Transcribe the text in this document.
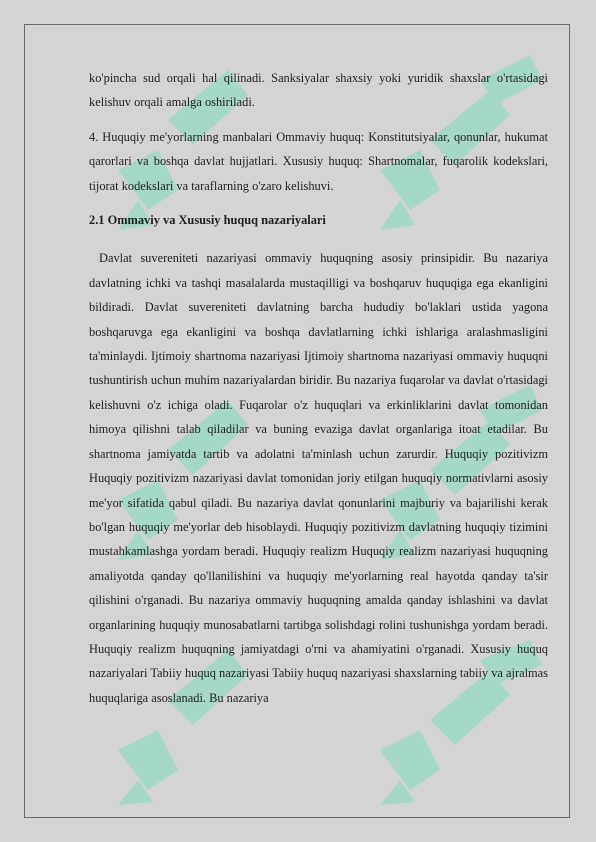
ko'pincha sud orqali hal qilinadi. Sanksiyalar shaxsiy yoki yuridik shaxslar o'rtasidagi kelishuv orqali amalga oshiriladi.

4. Huquqiy me'yorlarning manbalari Ommaviy huquq: Konstitutsiyalar, qonunlar, hukumat qarorlari va boshqa davlat hujjatlari. Xususiy huquq: Shartnomalar, fuqarolik kodekslari, tijorat kodekslari va taraflarning o'zaro kelishuvi.

2.1 Ommaviy va Xususiy huquq nazariyalari

Davlat suvereniteti nazariyasi ommaviy huquqning asosiy prinsipidir. Bu nazariya davlatning ichki va tashqi masalalarda mustaqilligi va boshqaruv huquqiga ega ekanligini bildiradi. Davlat suvereniteti davlatning barcha hududiy bo'laklari ustida yagona boshqaruvga ega ekanligini va boshqa davlatlarning ichki ishlariga aralashmasligini ta'minlaydi. Ijtimoiy shartnoma nazariyasi Ijtimoiy shartnoma nazariyasi ommaviy huquqni tushuntirish uchun muhim nazariyalardan biridir. Bu nazariya fuqarolar va davlat o'rtasidagi kelishuvni o'z ichiga oladi. Fuqarolar o'z huquqlari va erkinliklarini davlat tomonidan himoya qilishni talab qiladilar va buning evaziga davlat organlariga itoat etadilar. Bu shartnoma jamiyatda tartib va adolatni ta'minlash uchun zarurdir. Huquqiy pozitivizm Huquqiy pozitivizm nazariyasi davlat tomonidan joriy etilgan huquqiy normativlarni asosiy me'yor sifatida qabul qiladi. Bu nazariya davlat qonunlarini majburiy va bajarilishi kerak bo'lgan huquqiy me'yorlar deb hisoblaydi. Huquqiy pozitivizm davlatning huquqiy tizimini mustahkamlashga yordam beradi. Huquqiy realizm Huquqiy realizm nazariyasi huquqning amaliyotda qanday qo'llanilishini va huquqiy me'yorlarning real hayotda qanday ta'sir qilishini o'rganadi. Bu nazariya ommaviy huquqning amalda qanday ishlashini va davlat organlarining huquqiy munosabatlarni tartibga solishdagi rolini tushunishga yordam beradi. Huquqiy realizm huquqning jamiyatdagi o'rni va ahamiyatini o'rganadi. Xususiy huquq nazariyalari Tabiiy huquq nazariyasi Tabiiy huquq nazariyasi shaxslarning tabiiy va ajralmas huquqlariga asoslanadi. Bu nazariya
